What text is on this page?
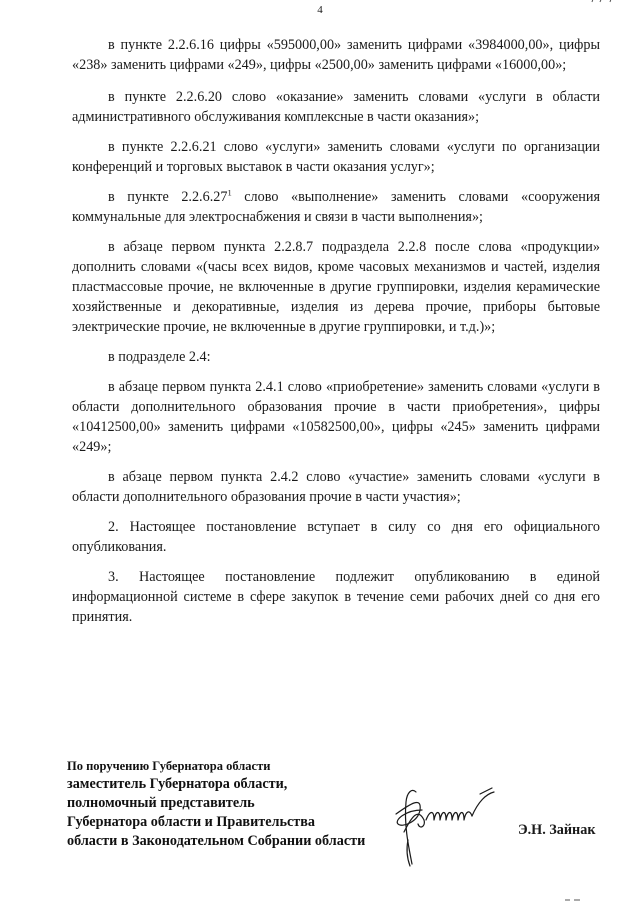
4

в пункте 2.2.6.16 цифры «595000,00» заменить цифрами «3984000,00», цифры «238» заменить цифрами «249», цифры «2500,00» заменить цифрами «16000,00»;

в пункте 2.2.6.20 слово «оказание» заменить словами «услуги в области административного обслуживания комплексные в части оказания»;

в пункте 2.2.6.21 слово «услуги» заменить словами «услуги по организации конференций и торговых выставок в части оказания услуг»;

в пункте 2.2.6.27$^1$ слово «выполнение» заменить словами «сооружения коммунальные для электроснабжения и связи в части выполнения»;

в абзаце первом пункта 2.2.8.7 подраздела 2.2.8 после слова «продукции» дополнить словами «(часы всех видов, кроме часовых механизмов и частей, изделия пластмассовые прочие, не включенные в другие группировки, изделия керамические хозяйственные и декоративные, изделия из дерева прочие, приборы бытовые электрические прочие, не включенные в другие группировки, и т.д.)»;

в подразделе 2.4:

в абзаце первом пункта 2.4.1 слово «приобретение» заменить словами «услуги в области дополнительного образования прочие в части приобретения», цифры «10412500,00» заменить цифрами «10582500,00», цифры «245» заменить цифрами «249»;

в абзаце первом пункта 2.4.2 слово «участие» заменить словами «услуги в области дополнительного образования прочие в части участия»;

2. Настоящее постановление вступает в силу со дня его официального опубликования.

3. Настоящее постановление подлежит опубликованию в единой информационной системе в сфере закупок в течение семи рабочих дней со дня его принятия.

По поручению Губернатора области
заместитель Губернатора области,
полномочный представитель
Губернатора области и Правительства
области в Законодательном Собрании области
Э.Н. Зайнак
